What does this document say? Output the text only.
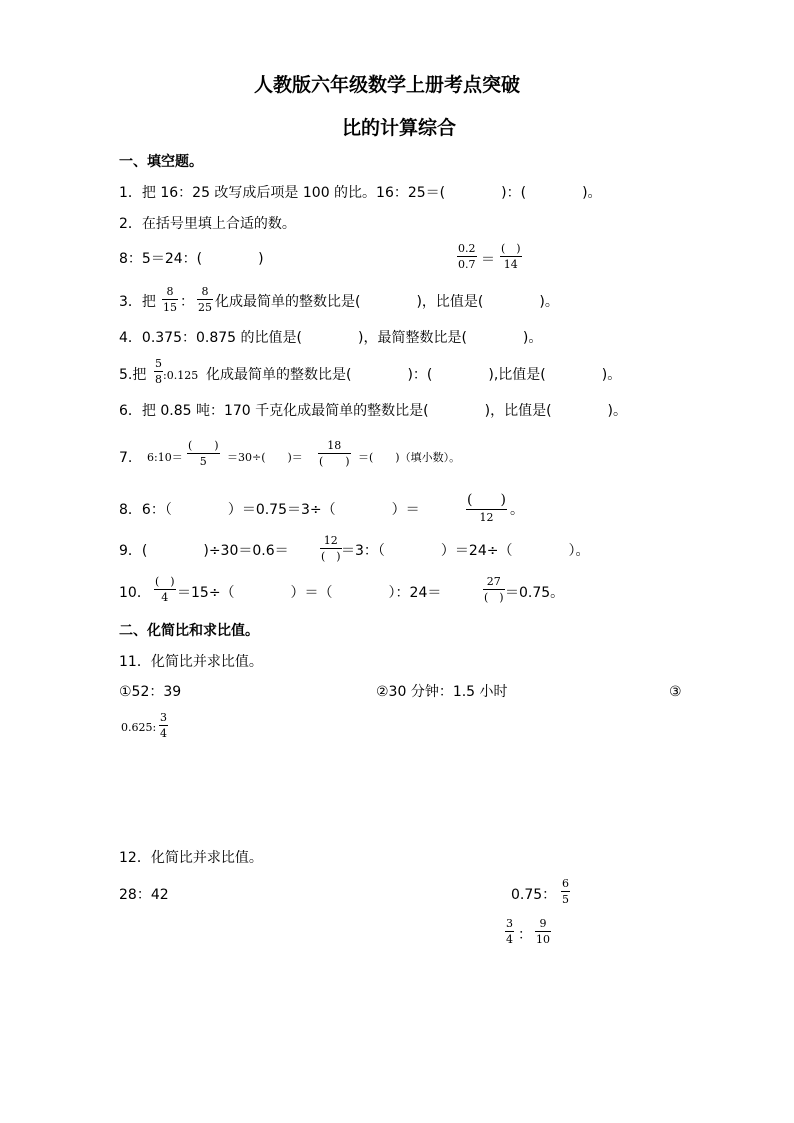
人教版六年级数学上册考点突破
比的计算综合
一、填空题。
1．把 16：25 改写成后项是 100 的比。16：25＝(　　　　)：(　　　　)。
2．在括号里填上合适的数。
8：5＝24：(　　　　)
0.2
0.7 ＝
(　)
14
3．把
8
15 ：
8
25 化成最简单的整数比是(　　　　)，比值是(　　　　)。
4．0.375：0.875 的比值是(　　　　)，最简整数比是(　　　　)。
5.把
5
8 :0.125 化成最简单的整数比是(　　　　)：(　　　　),比值是(　　　　)。
6．把 0.85 吨：170 千克化成最简单的整数比是(　　　　)，比值是(　　　　)。
7. 6:10＝
(　　)
5 ＝30÷(　　)＝
18
(　　) ＝(　　)（填小数）。
8．6：（　　　　）＝0.75＝3÷（　　　　）＝
(　　)
12 。
9．(　　　　)÷30＝0.6＝
12
(　) ＝3：（　　　　）＝24÷（　　　　）。
10．
(　)
4 ＝15÷（　　　　）＝（　　　　）：24＝
27
(　) ＝0.75。
二、化简比和求比值。
11．化简比并求比值。
①52：39	②30 分钟：1.5 小时	③
0.625:
3
4
12．化简比并求比值。
28：42	0.75：
6
5
3
4 ：
9
10
